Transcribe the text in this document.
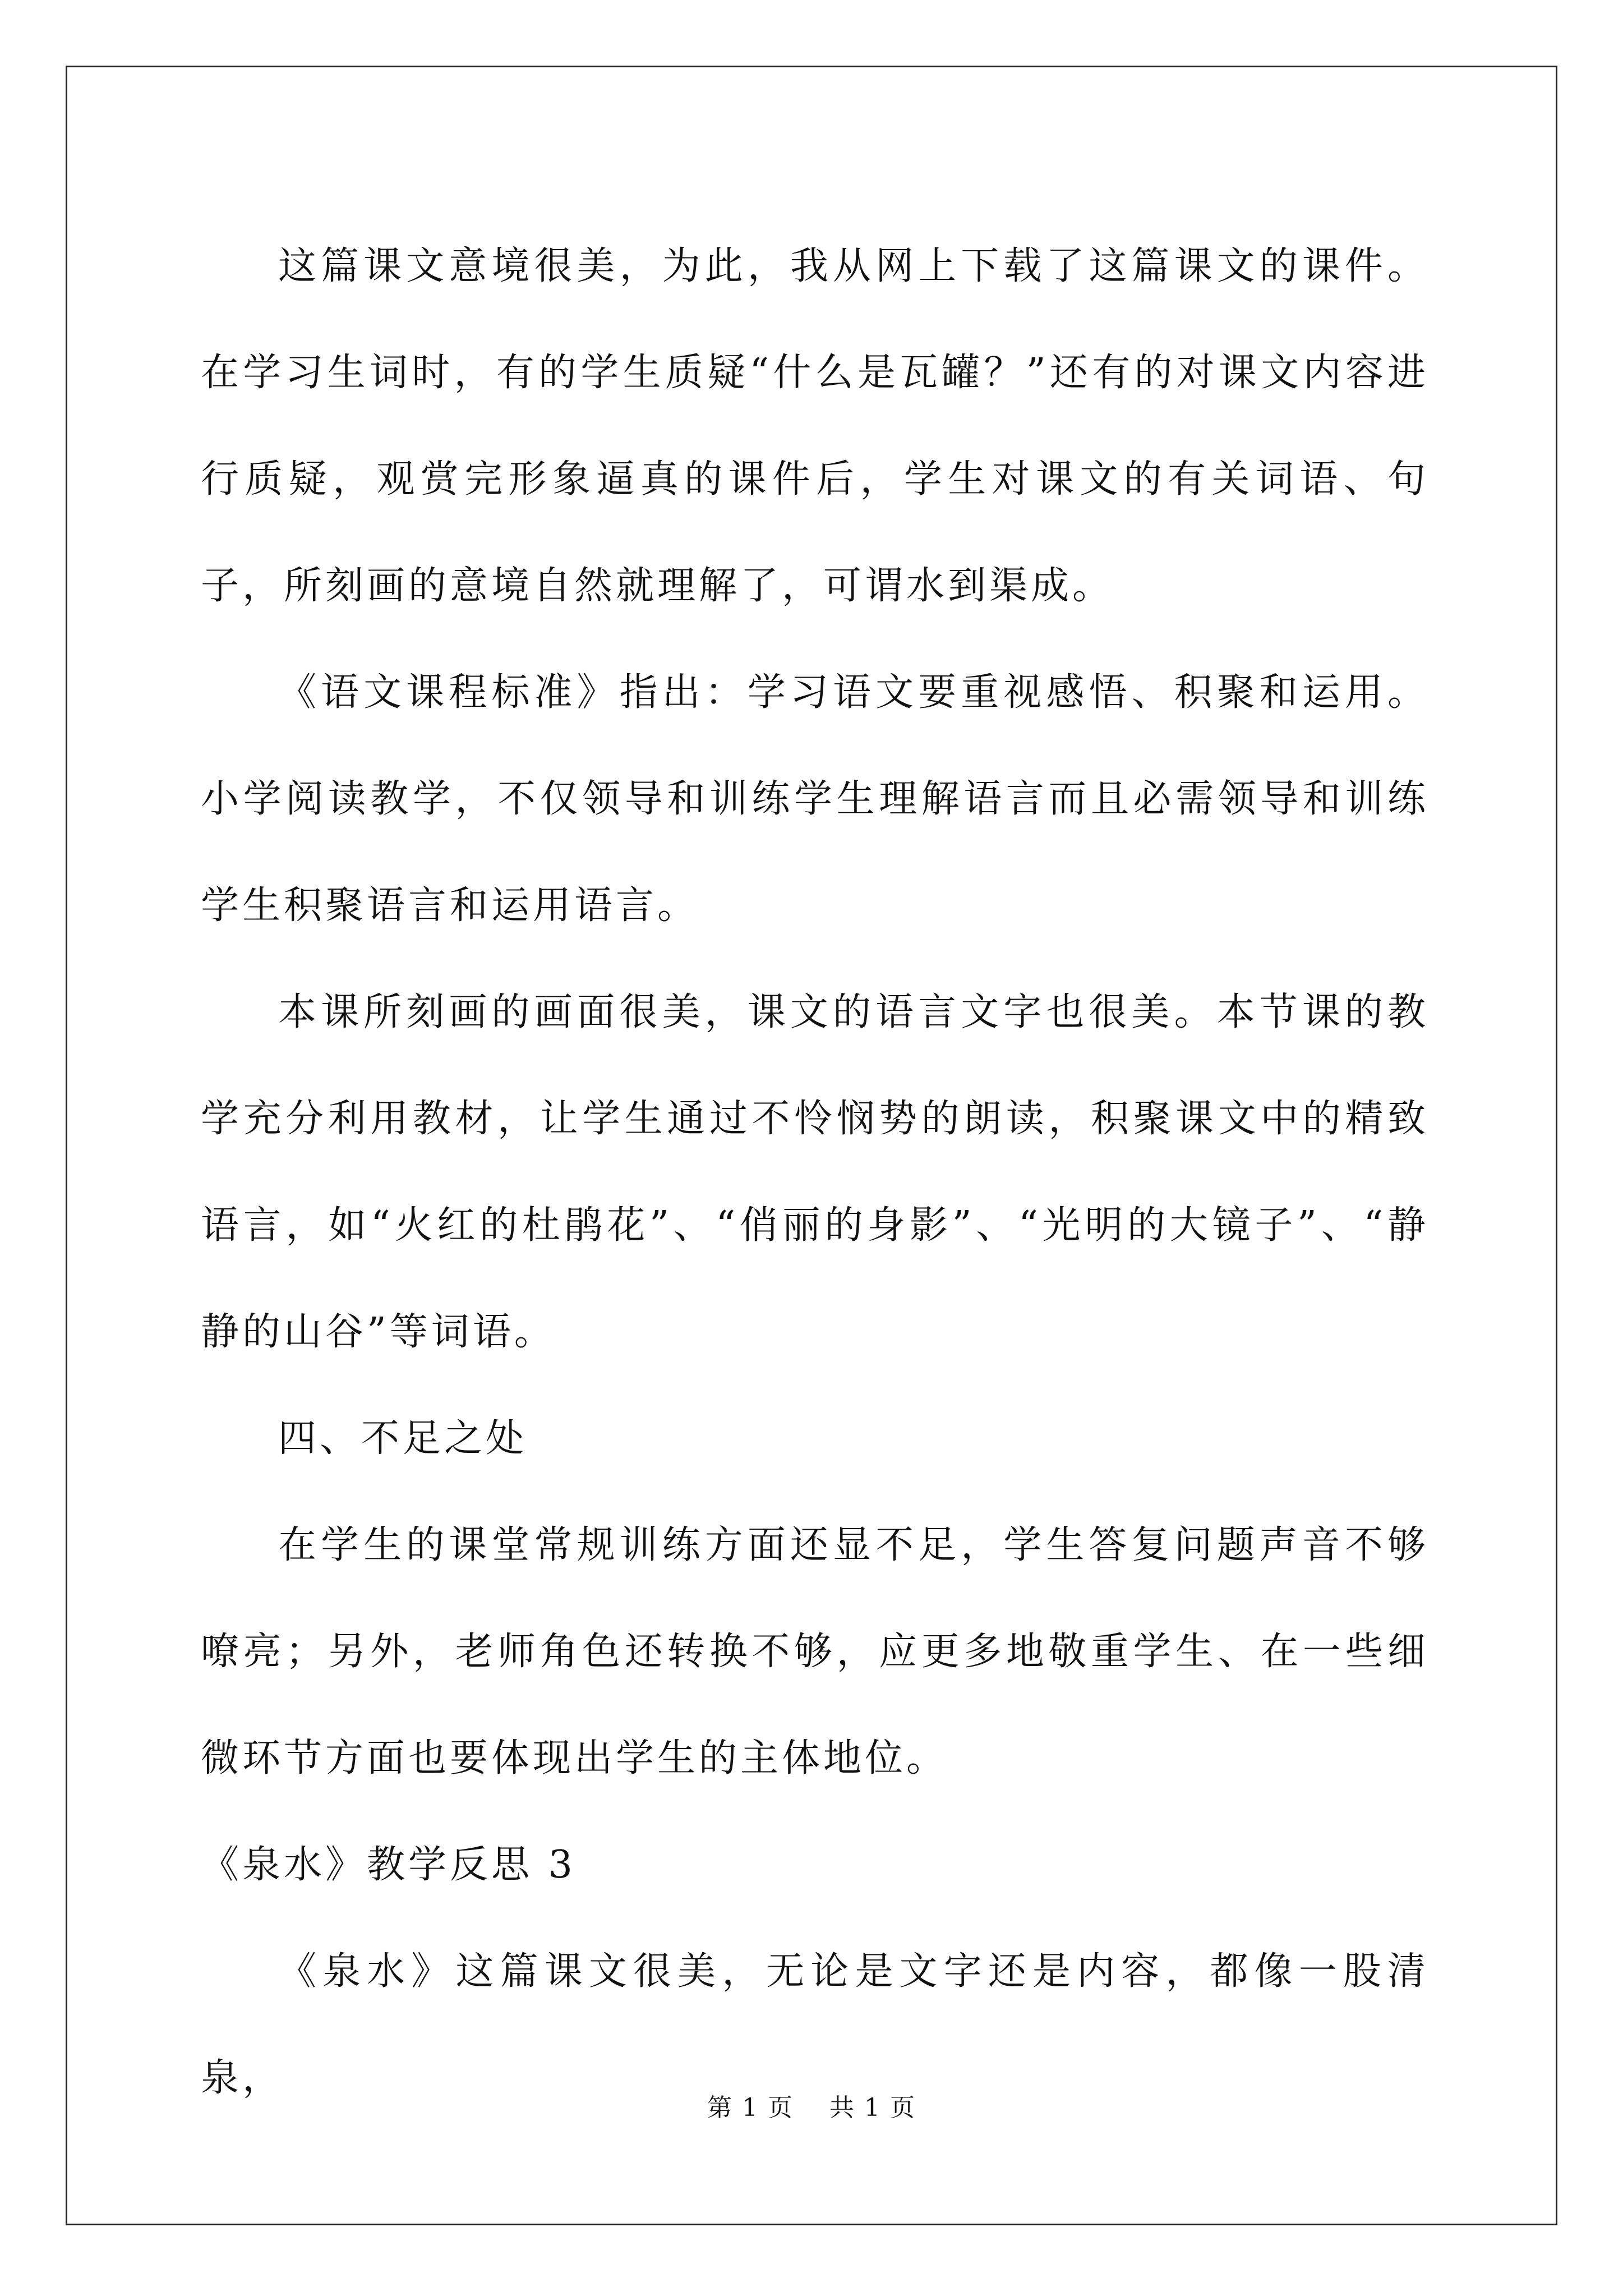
这篇课文意境很美，为此，我从网上下载了这篇课文的课件。在学习生词时，有的学生质疑“什么是瓦罐？”还有的对课文内容进行质疑，观赏完形象逼真的课件后，学生对课文的有关词语、句子，所刻画的意境自然就理解了，可谓水到渠成。

《语文课程标准》指出：学习语文要重视感悟、积聚和运用。小学阅读教学，不仅领导和训练学生理解语言而且必需领导和训练学生积聚语言和运用语言。

本课所刻画的画面很美，课文的语言文字也很美。本节课的教学充分利用教材，让学生通过不怜悯势的朗读，积聚课文中的精致语言，如“火红的杜鹃花”、“俏丽的身影”、“光明的大镜子”、“静静的山谷”等词语。

四、不足之处

在学生的课堂常规训练方面还显不足，学生答复问题声音不够嘹亮；另外，老师角色还转换不够，应更多地敬重学生、在一些细微环节方面也要体现出学生的主体地位。

《泉水》教学反思 3

《泉水》这篇课文很美，无论是文字还是内容，都像一股清泉，

第 1 页 共 1 页
